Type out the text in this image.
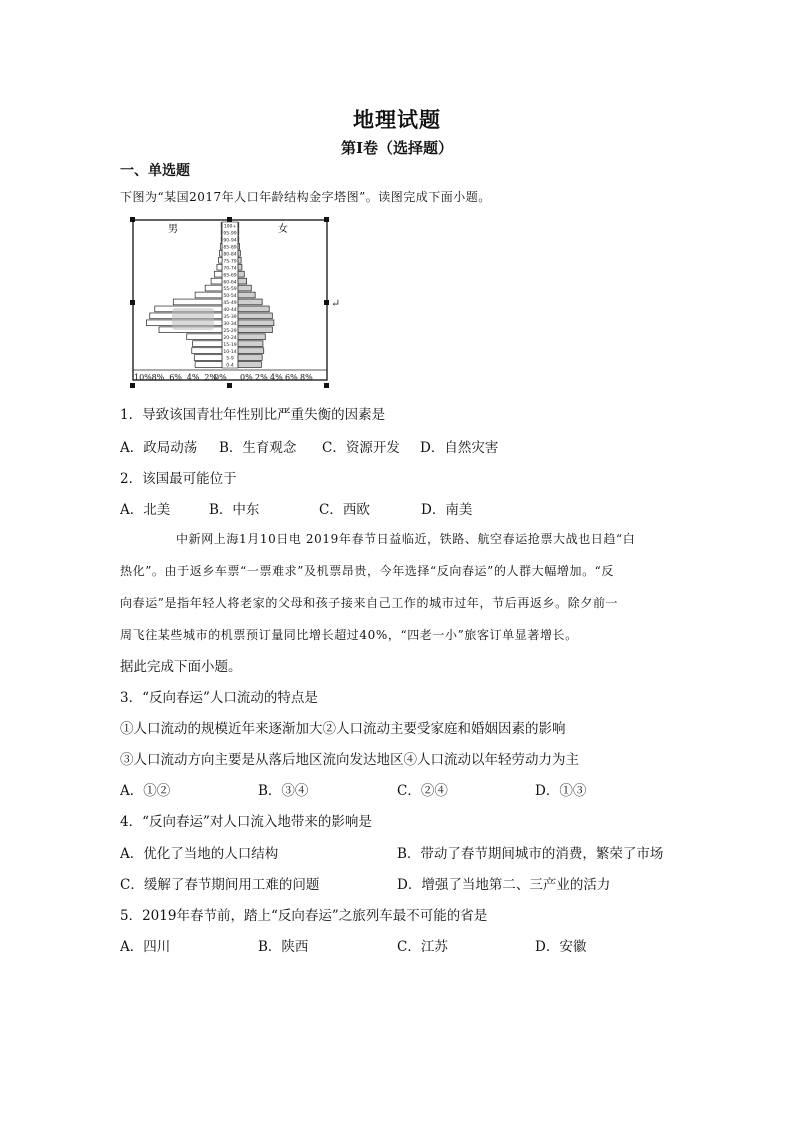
地理试题
第I卷（选择题）
一、单选题
下图为“某国2017年人口年龄结构金字塔图”。读图完成下面小题。
0-4
5-9
10-14
15-19
20-24
25-29
30-34
35-39
40-44
45-49
50-54
55-59
60-64
65-69
70-74
75-79
80-84
85-89
90-94
95-99
100+
10% 8% 6% 4% 2%
0% 0% 2% 4% 6% 8%
男	女
↵
1．导致该国青壮年性别比严重失衡的因素是
A．政局动荡 B．生育观念 C．资源开发 D．自然灾害
2．该国最可能位于
A．北美	B．中东	C．西欧	D．南美
中新网上海1月10日电 2019年春节日益临近，铁路、航空春运抢票大战也日趋“白
热化”。由于返乡车票“一票难求”及机票昂贵，今年选择“反向春运”的人群大幅增加。“反
向春运”是指年轻人将老家的父母和孩子接来自己工作的城市过年，节后再返乡。除夕前一
周飞往某些城市的机票预订量同比增长超过40%，“四老一小”旅客订单显著增长。
据此完成下面小题。
3．“反向春运”人口流动的特点是
①人口流动的规模近年来逐渐加大②人口流动主要受家庭和婚姻因素的影响
③人口流动方向主要是从落后地区流向发达地区④人口流动以年轻劳动力为主
A．①②	B．③④	C．②④	D．①③
4．“反向春运”对人口流入地带来的影响是
A．优化了当地的人口结构	B．带动了春节期间城市的消费，繁荣了市场
C．缓解了春节期间用工难的问题	D．增强了当地第二、三产业的活力
5．2019年春节前，踏上“反向春运”之旅列车最不可能的省是
A．四川	B．陕西	C．江苏	D．安徽
